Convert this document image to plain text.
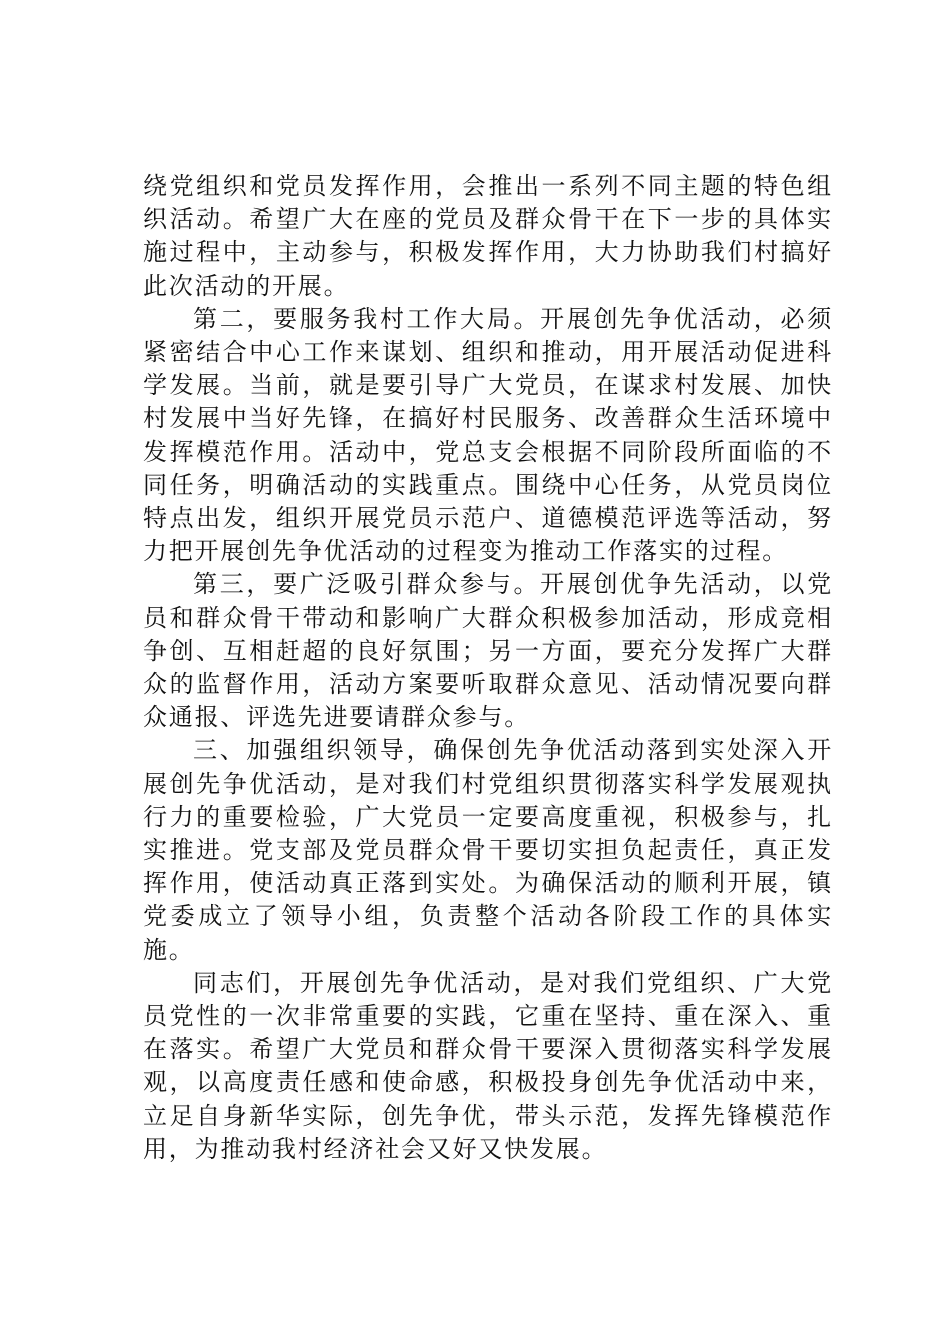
绕党组织和党员发挥作用，会推出一系列不同主题的特色组织活动。希望广大在座的党员及群众骨干在下一步的具体实施过程中，主动参与，积极发挥作用，大力协助我们村搞好此次活动的开展。

第二，要服务我村工作大局。开展创先争优活动，必须紧密结合中心工作来谋划、组织和推动，用开展活动促进科学发展。当前，就是要引导广大党员，在谋求村发展、加快村发展中当好先锋，在搞好村民服务、改善群众生活环境中发挥模范作用。活动中，党总支会根据不同阶段所面临的不同任务，明确活动的实践重点。围绕中心任务，从党员岗位特点出发，组织开展党员示范户、道德模范评选等活动，努力把开展创先争优活动的过程变为推动工作落实的过程。

第三，要广泛吸引群众参与。开展创优争先活动，以党员和群众骨干带动和影响广大群众积极参加活动，形成竞相争创、互相赶超的良好氛围；另一方面，要充分发挥广大群众的监督作用，活动方案要听取群众意见、活动情况要向群众通报、评选先进要请群众参与。

三、加强组织领导，确保创先争优活动落到实处深入开展创先争优活动，是对我们村党组织贯彻落实科学发展观执行力的重要检验，广大党员一定要高度重视，积极参与，扎实推进。党支部及党员群众骨干要切实担负起责任，真正发挥作用，使活动真正落到实处。为确保活动的顺利开展，镇党委成立了领导小组，负责整个活动各阶段工作的具体实施。

同志们，开展创先争优活动，是对我们党组织、广大党员党性的一次非常重要的实践，它重在坚持、重在深入、重在落实。希望广大党员和群众骨干要深入贯彻落实科学发展观，以高度责任感和使命感，积极投身创先争优活动中来，立足自身新华实际，创先争优，带头示范，发挥先锋模范作用，为推动我村经济社会又好又快发展。
